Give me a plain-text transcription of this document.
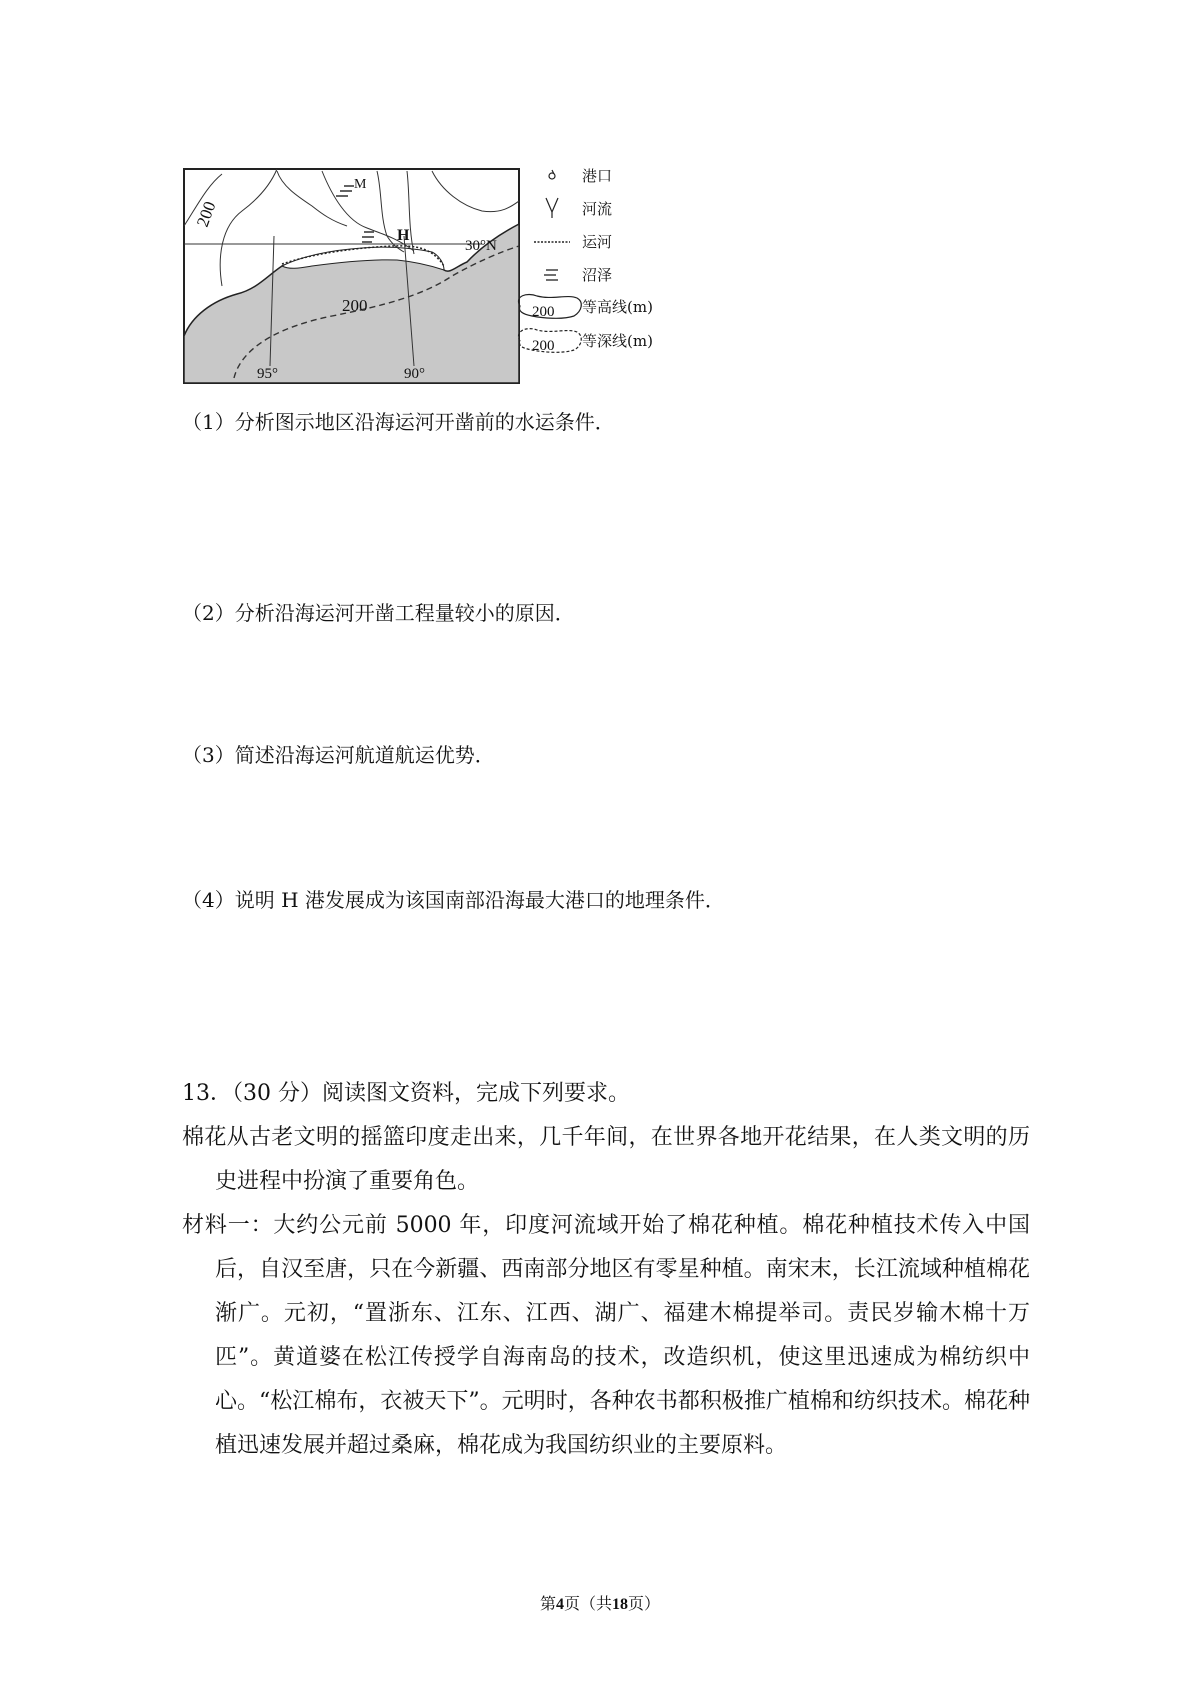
200
200
M
H
30°N
95°	90°
港口
河流
运河
沼泽
200 等高线(m)
200 等深线(m)
（1）分析图示地区沿海运河开凿前的水运条件．
（2）分析沿海运河开凿工程量较小的原因．
（3）简述沿海运河航道航运优势．
（4）说明 H 港发展成为该国南部沿海最大港口的地理条件．
13．（30 分）阅读图文资料，完成下列要求。

棉花从古老文明的摇篮印度走出来，几千年间，在世界各地开花结果，在人类文明的历史进程中扮演了重要角色。

材料一：大约公元前 5000 年，印度河流域开始了棉花种植。棉花种植技术传入中国后，自汉至唐，只在今新疆、西南部分地区有零星种植。南宋末，长江流域种植棉花渐广。元初，“置浙东、江东、江西、湖广、福建木棉提举司。责民岁输木棉十万匹”。黄道婆在松江传授学自海南岛的技术，改造织机，使这里迅速成为棉纺织中心。“松江棉布，衣被天下”。元明时，各种农书都积极推广植棉和纺织技术。棉花种植迅速发展并超过桑麻，棉花成为我国纺织业的主要原料。

第4页（共18页）
